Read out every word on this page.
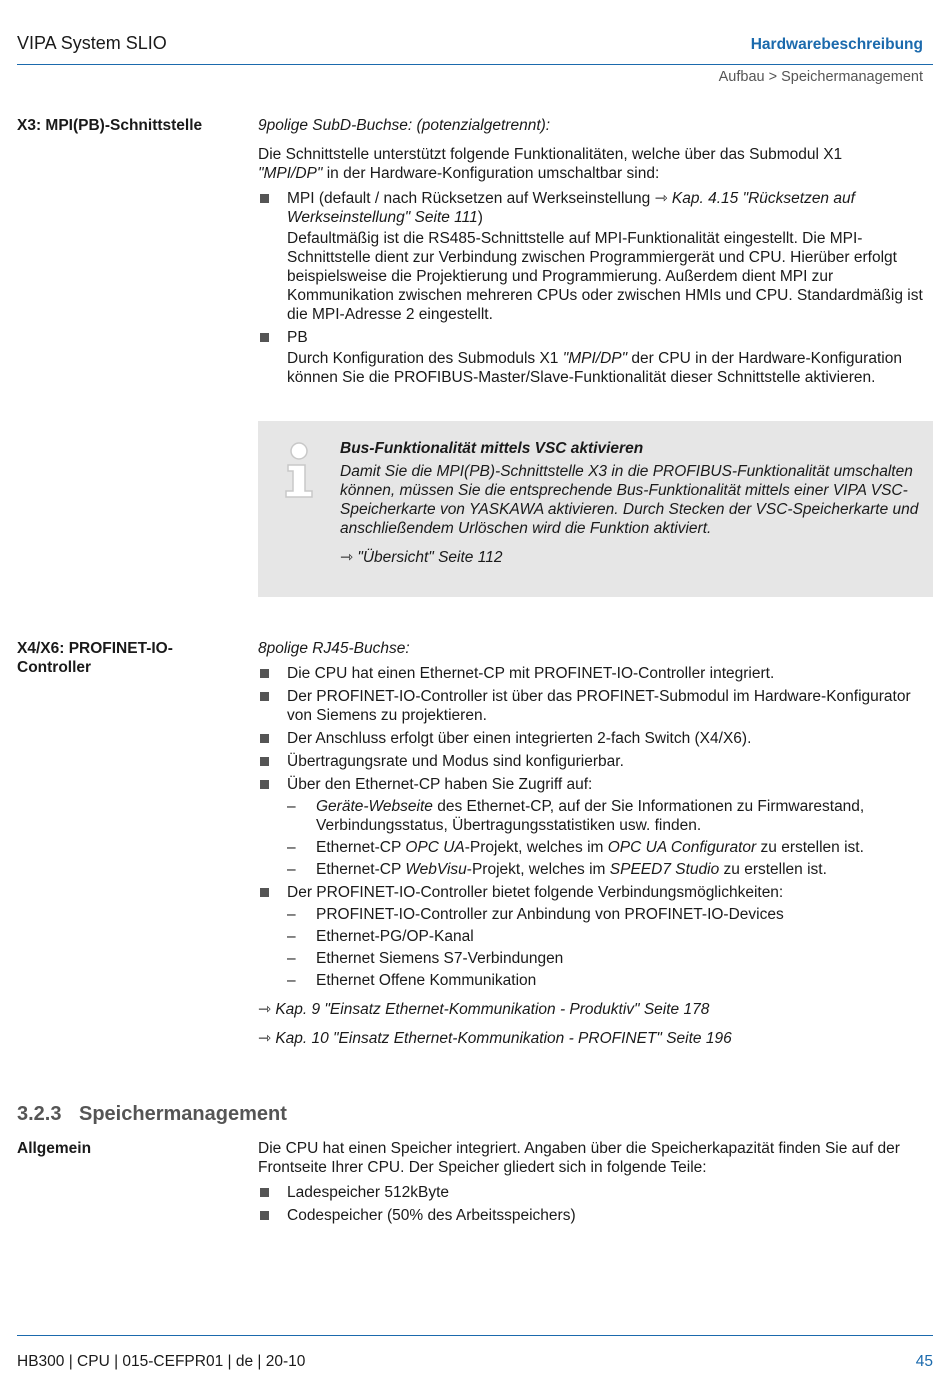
VIPA System SLIO	Hardwarebeschreibung
Aufbau > Speichermanagement
X3: MPI(PB)-Schnittstelle	9polige SubD-Buchse: (potenzialgetrennt):

Die Schnittstelle unterstützt folgende Funktionalitäten, welche über das Submodul X1
"MPI/DP" in der Hardware-Konfiguration umschaltbar sind:

MPI (default / nach Rücksetzen auf Werkseinstellung ⇾ Kap. 4.15 "Rücksetzen auf Werkseinstellung" Seite 111)

Defaultmäßig ist die RS485-Schnittstelle auf MPI-Funktionalität eingestellt. Die MPI-Schnittstelle dient zur Verbindung zwischen Programmiergerät und CPU. Hierüber erfolgt beispielsweise die Projektierung und Programmierung. Außerdem dient MPI zur Kommunikation zwischen mehreren CPUs oder zwischen HMIs und CPU. Standardmäßig ist die MPI-Adresse 2 eingestellt.

PB

Durch Konfiguration des Submoduls X1 "MPI/DP" der CPU in der Hardware-Konfiguration können Sie die PROFIBUS-Master/Slave-Funktionalität dieser Schnittstelle aktivieren.

Bus-Funktionalität mittels VSC aktivieren

Damit Sie die MPI(PB)-Schnittstelle X3 in die PROFIBUS-Funktionalität umschalten können, müssen Sie die entsprechende Bus-Funktionalität mittels einer VIPA VSC-Speicherkarte von YASKAWA aktivieren. Durch Stecken der VSC-Speicherkarte und anschließendem Urlöschen wird die Funktion aktiviert.

⇾ "Übersicht" Seite 112

X4/X6: PROFINET-IO-Controller

8polige RJ45-Buchse:

Die CPU hat einen Ethernet-CP mit PROFINET-IO-Controller integriert.
Der PROFINET-IO-Controller ist über das PROFINET-Submodul im Hardware-Konfigurator von Siemens zu projektieren.
Der Anschluss erfolgt über einen integrierten 2-fach Switch (X4/X6).
Übertragungsrate und Modus sind konfigurierbar.
Über den Ethernet-CP haben Sie Zugriff auf:
– Geräte-Webseite des Ethernet-CP, auf der Sie Informationen zu Firmwarestand, Verbindungsstatus, Übertragungsstatistiken usw. finden.
– Ethernet-CP OPC UA-Projekt, welches im OPC UA Configurator zu erstellen ist.
– Ethernet-CP WebVisu-Projekt, welches im SPEED7 Studio zu erstellen ist.
Der PROFINET-IO-Controller bietet folgende Verbindungsmöglichkeiten:
– PROFINET-IO-Controller zur Anbindung von PROFINET-IO-Devices
– Ethernet-PG/OP-Kanal
– Ethernet Siemens S7-Verbindungen
– Ethernet Offene Kommunikation

⇾ Kap. 9 "Einsatz Ethernet-Kommunikation - Produktiv" Seite 178

⇾ Kap. 10 "Einsatz Ethernet-Kommunikation - PROFINET" Seite 196

3.2.3 Speichermanagement
Allgemein	Die CPU hat einen Speicher integriert. Angaben über die Speicherkapazität finden Sie auf der Frontseite Ihrer CPU. Der Speicher gliedert sich in folgende Teile:

Ladespeicher 512kByte
Codespeicher (50% des Arbeitsspeichers)
HB300 | CPU | 015-CEFPR01 | de | 20-10	45
